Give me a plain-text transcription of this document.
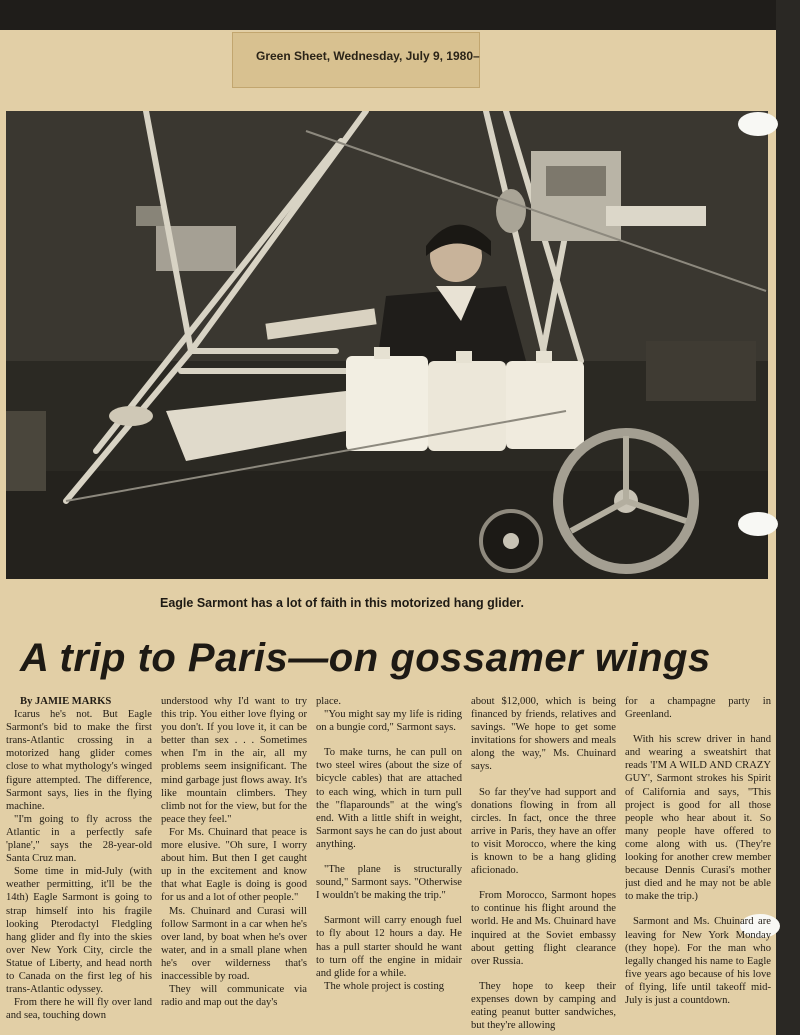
Green Sheet, Wednesday, July 9, 1980–
Eagle Sarmont has a lot of faith in this motorized hang glider.
A trip to Paris—on gossamer wings

By JAMIE MARKS

Icarus he's not. But Eagle Sarmont's bid to make the first trans-Atlantic crossing in a motorized hang glider comes close to what mythology's winged figure attempted. The difference, Sarmont says, lies in the flying machine.

"I'm going to fly across the Atlantic in a perfectly safe 'plane'," says the 28-year-old Santa Cruz man.

Some time in mid-July (with weather permitting, it'll be the 14th) Eagle Sarmont is going to strap himself into his fragile looking Pterodactyl Fledgling hang glider and fly into the skies over New York City, circle the Statue of Liberty, and head north to Canada on the first leg of his trans-Atlantic odyssey.

From there he will fly over land and sea, touching down

understood why I'd want to try this trip. You either love flying or you don't. If you love it, it can be better than sex . . . Sometimes when I'm in the air, all my problems seem insignificant. The mind garbage just flows away. It's like mountain climbers. They climb not for the view, but for the peace they feel."

For Ms. Chuinard that peace is more elusive. "Oh sure, I worry about him. But then I get caught up in the excitement and know that what Eagle is doing is good for us and a lot of other people."

Ms. Chuinard and Curasi will follow Sarmont in a car when he's over land, by boat when he's over water, and in a small plane when he's over wilderness that's inaccessible by road.

They will communicate via radio and map out the day's

place.

"You might say my life is riding on a bungie cord," Sarmont says.

To make turns, he can pull on two steel wires (about the size of bicycle cables) that are attached to each wing, which in turn pull the "flaparounds" at the wing's end. With a little shift in weight, Sarmont says he can do just about anything.

"The plane is structurally sound," Sarmont says. "Otherwise I wouldn't be making the trip."

Sarmont will carry enough fuel to fly about 12 hours a day. He has a pull starter should he want to turn off the engine in midair and glide for a while.

The whole project is costing

about $12,000, which is being financed by friends, relatives and savings. "We hope to get some invitations for showers and meals along the way," Ms. Chuinard says.

So far they've had support and donations flowing in from all circles. In fact, once the three arrive in Paris, they have an offer to visit Morocco, where the king is known to be a hang gliding aficionado.

From Morocco, Sarmont hopes to continue his flight around the world. He and Ms. Chuinard have inquired at the Soviet embassy about getting flight clearance over Russia.

They hope to keep their expenses down by camping and eating peanut butter sandwiches, but they're allowing

for a champagne party in Greenland.

With his screw driver in hand and wearing a sweatshirt that reads 'I'M A WILD AND CRAZY GUY', Sarmont strokes his Spirit of California and says, "This project is good for all those people who hear about it. So many people have offered to come along with us. (They're looking for another crew member because Dennis Curasi's mother just died and he may not be able to make the trip.)

Sarmont and Ms. Chuinard are leaving for New York Monday (they hope). For the man who legally changed his name to Eagle five years ago because of his love of flying, life until takeoff mid-July is just a countdown.
